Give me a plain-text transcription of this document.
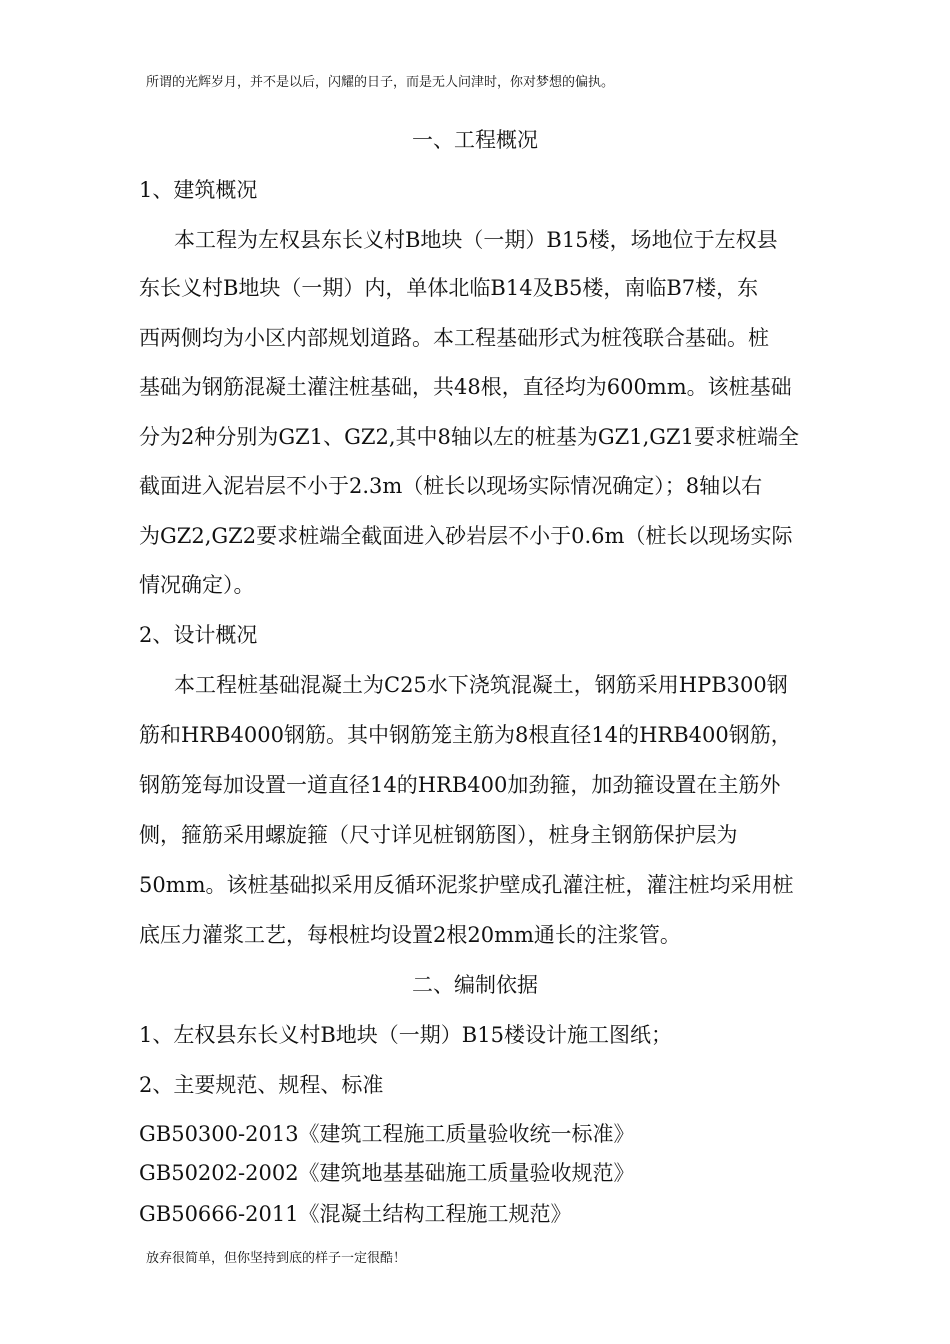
所谓的光辉岁月，并不是以后，闪耀的日子，而是无人问津时，你对梦想的偏执。
一、工程概况
1、建筑概况
本工程为左权县东长义村B地块（一期）B15楼，场地位于左权县
东长义村B地块（一期）内，单体北临B14及B5楼，南临B7楼，东
西两侧均为小区内部规划道路。本工程基础形式为桩筏联合基础。桩
基础为钢筋混凝土灌注桩基础，共48根，直径均为600mm。该桩基础
分为2种分别为GZ1、GZ2,其中8轴以左的桩基为GZ1,GZ1要求桩端全
截面进入泥岩层不小于2.3m（桩长以现场实际情况确定）；8轴以右
为GZ2,GZ2要求桩端全截面进入砂岩层不小于0.6m（桩长以现场实际
情况确定）。
2、设计概况
本工程桩基础混凝土为C25水下浇筑混凝土，钢筋采用HPB300钢
筋和HRB4000钢筋。其中钢筋笼主筋为8根直径14的HRB400钢筋，
钢筋笼每加设置一道直径14的HRB400加劲箍，加劲箍设置在主筋外
侧，箍筋采用螺旋箍（尺寸详见桩钢筋图），桩身主钢筋保护层为
50mm。该桩基础拟采用反循环泥浆护壁成孔灌注桩，灌注桩均采用桩
底压力灌浆工艺，每根桩均设置2根20mm通长的注浆管。
二、编制依据
1、左权县东长义村B地块（一期）B15楼设计施工图纸；
2、主要规范、规程、标准
GB50300-2013《建筑工程施工质量验收统一标准》
GB50202-2002《建筑地基基础施工质量验收规范》
GB50666-2011《混凝土结构工程施工规范》
放弃很简单，但你坚持到底的样子一定很酷！
